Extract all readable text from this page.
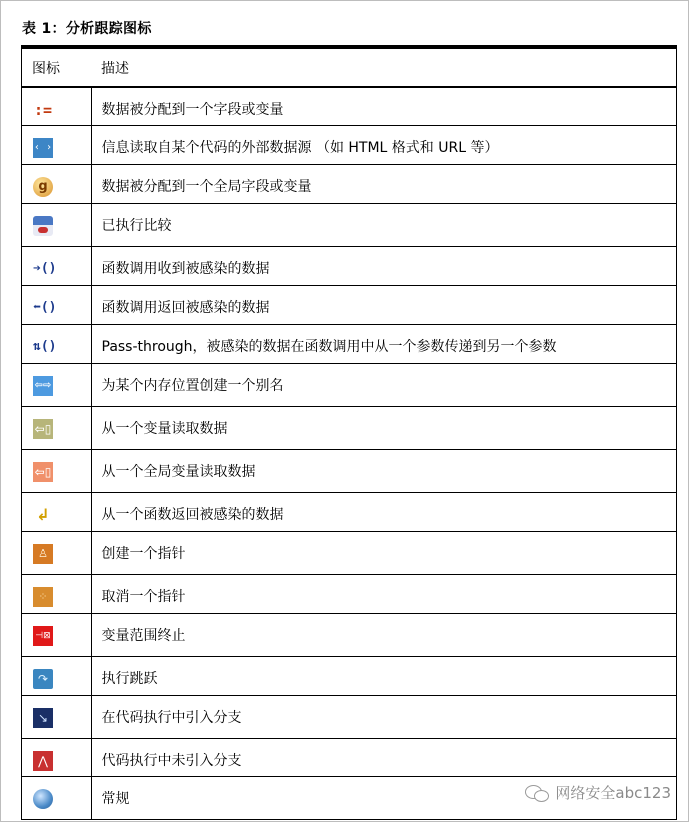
表 1：分析跟踪图标
图标	描述

:=	数据被分配到一个字段或变量

‹ ›	信息读取自某个代码的外部数据源 （如 HTML 格式和 URL 等）

g	数据被分配到一个全局字段或变量

	已执行比较

➔()	函数调用收到被感染的数据

⬅()	函数调用返回被感染的数据

⇅()	Pass-through，被感染的数据在函数调用中从一个参数传递到另一个参数

⇦⇨	为某个内存位置创建一个别名

⇦▯	从一个变量读取数据

⇦▯	从一个全局变量读取数据

↲	从一个函数返回被感染的数据

♙	创建一个指针

⁘	取消一个指针

⊣⊠	变量范围终止

↷	执行跳跃

↘	在代码执行中引入分支

⋀	代码执行中未引入分支

	常规	网络安全abc123
